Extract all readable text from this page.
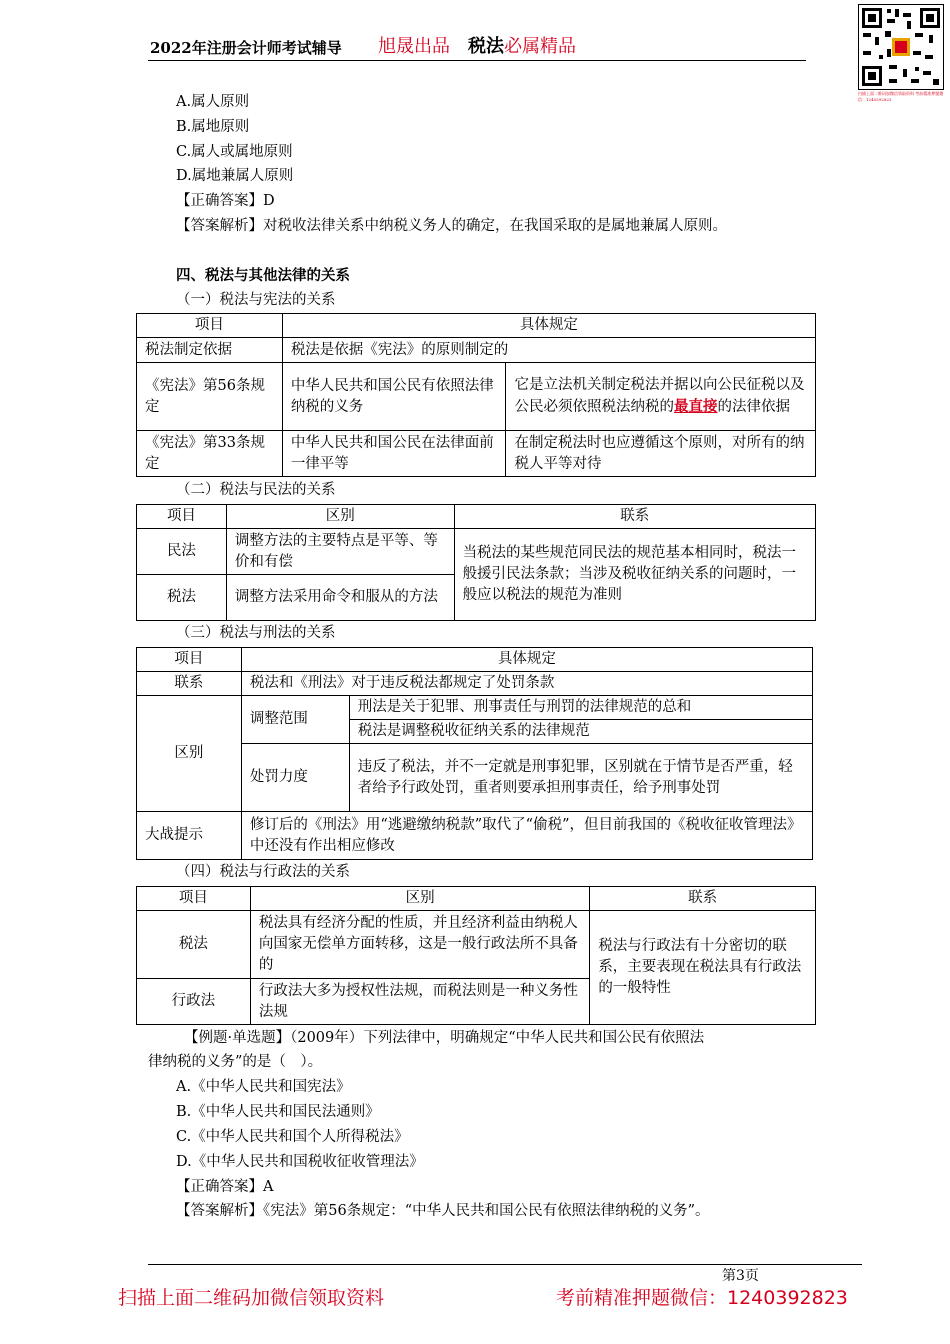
2022年注册会计师考试辅导 旭晟出品　 税法必属精品
扫描上面二维码加微信领取资料 考前精准押题微信：1240392823
A.属人原则
B.属地原则
C.属人或属地原则
D.属地兼属人原则
【正确答案】D
【答案解析】对税收法律关系中纳税义务人的确定，在我国采取的是属地兼属人原则。
四、税法与其他法律的关系
（一）税法与宪法的关系
项目	具体规定	
税法制定依据	税法是依据《宪法》的原则制定的	
《宪法》第56条规定	中华人民共和国公民有依照法律纳税的义务	它是立法机关制定税法并据以向公民征税以及公民必须依照税法纳税的最直接的法律依据
《宪法》第33条规定	中华人民共和国公民在法律面前一律平等	在制定税法时也应遵循这个原则，对所有的纳税人平等对待
（二）税法与民法的关系
项目	区别	联系
民法	调整方法的主要特点是平等、等价和有偿	当税法的某些规范同民法的规范基本相同时，税法一般援引民法条款；当涉及税收征纳关系的问题时，一般应以税法的规范为准则
税法	调整方法采用命令和服从的方法	
（三）税法与刑法的关系
项目	具体规定	
联系	税法和《刑法》对于违反税法都规定了处罚条款	
区别	调整范围	刑法是关于犯罪、刑事责任与刑罚的法律规范的总和
		税法是调整税收征纳关系的法律规范
	处罚力度	违反了税法，并不一定就是刑事犯罪，区别就在于情节是否严重，轻者给予行政处罚，重者则要承担刑事责任，给予刑事处罚
大战提示	修订后的《刑法》用“逃避缴纳税款”取代了“偷税”，但目前我国的《税收征收管理法》中还没有作出相应修改	
（四）税法与行政法的关系
项目	区别	联系
税法	税法具有经济分配的性质，并且经济利益由纳税人向国家无偿单方面转移，这是一般行政法所不具备的	税法与行政法有十分密切的联系，主要表现在税法具有行政法的一般特性
行政法	行政法大多为授权性法规，而税法则是一种义务性法规	
【例题·单选题】（2009年）下列法律中，明确规定“中华人民共和国公民有依照法
律纳税的义务”的是（　）。
A.《中华人民共和国宪法》
B.《中华人民共和国民法通则》
C.《中华人民共和国个人所得税法》
D.《中华人民共和国税收征收管理法》
【正确答案】A
【答案解析】《宪法》第56条规定：“中华人民共和国公民有依照法律纳税的义务”。
第3页
扫描上面二维码加微信领取资料	考前精准押题微信：1240392823
